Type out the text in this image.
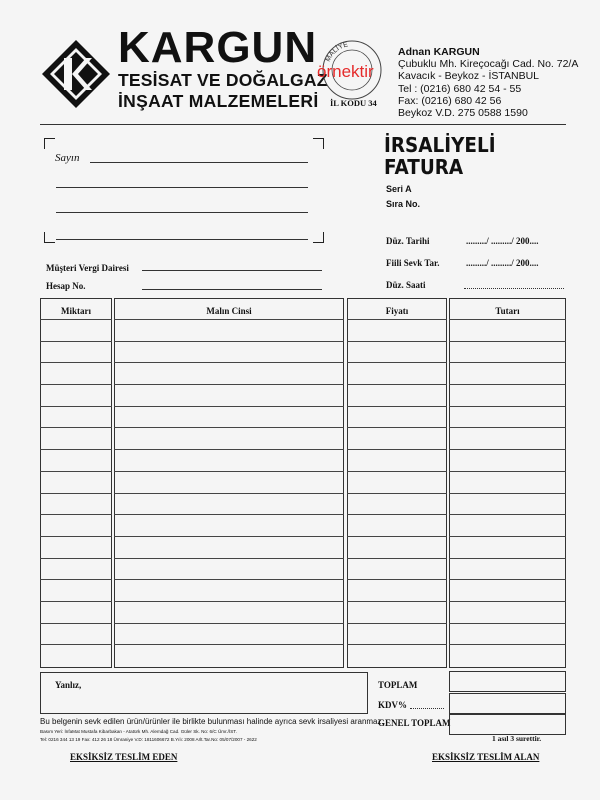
KARGUN
TESİSAT VE DOĞALGAZ
İNŞAAT MALZEMELERİ
MALİYE
örnektir
İL KODU 34
Adnan KARGUN
Çubuklu Mh. Kireçocağı Cad. No. 72/A
Kavacık - Beykoz - İSTANBUL
Tel : (0216) 680 42 54 - 55
Fax: (0216) 680 42 56
Beykoz V.D. 275 0588 1590
Sayın
Müşteri Vergi Dairesi
Hesap No.
İRSALİYELİ
FATURA
Seri A
Sıra No.
Düz. Tarihi	........./ ........./ 200....
Fiili Sevk Tar.	........./ ........./ 200....
Düz. Saati
Miktarı	Malın Cinsi	Fiyatı	Tutarı
Yanlız,	TOPLAM
KDV%
GENEL TOPLAM
Bu belgenin sevk edilen ürün/ürünler ile birlikte bulunması halinde ayrıca sevk irsaliyesi aranmaz.
Basım Yeri: İnfaMat Mustafa Kibarbakan - Atatürk Mh. Alemdağ Cad. Güler Sk. No: 6/C Ümr./İST.
Tel: 0216 344 13 19 Fax: 412 26 18 Ümraniye V.D: 1811606672 B.Yılı: 2008 Arlt.Tar.No: 05/07/2007 - 2622	1 asıl 3 surettir.
EKSİKSİZ TESLİM EDEN	EKSİKSİZ TESLİM ALAN
